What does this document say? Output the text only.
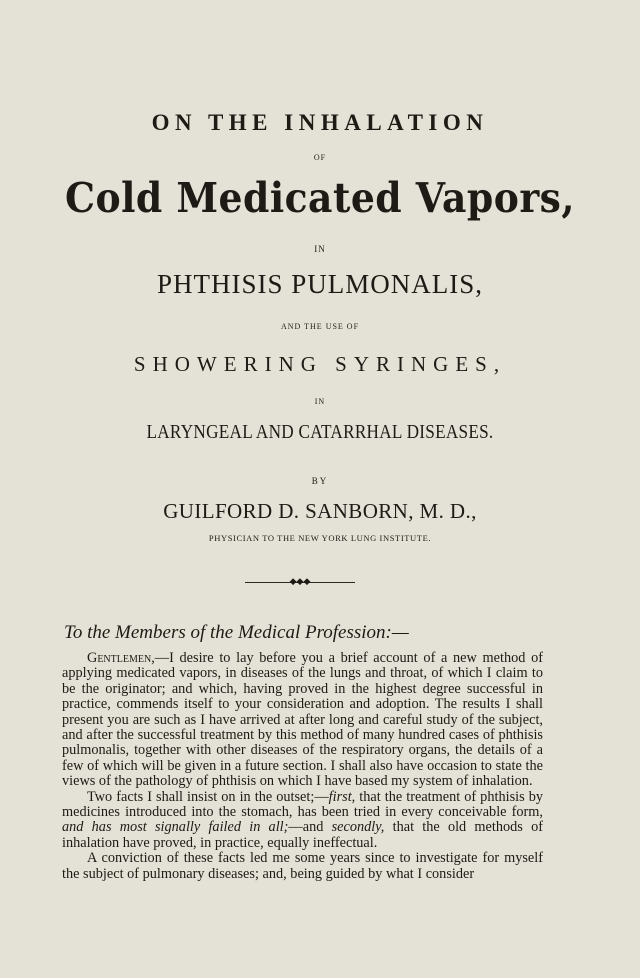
ON THE INHALATION
OF
Cold Medicated Vapors,
IN
PHTHISIS PULMONALIS,
AND THE USE OF
SHOWERING SYRINGES,
IN
LARYNGEAL AND CATARRHAL DISEASES.
BY
GUILFORD D. SANBORN, M. D.,
PHYSICIAN TO THE NEW YORK LUNG INSTITUTE.
◆◆◆
To the Members of the Medical Profession:—

Gentlemen,—I desire to lay before you a brief account of a new method of applying medicated vapors, in diseases of the lungs and throat, of which I claim to be the originator; and which, having proved in the highest degree successful in practice, commends itself to your consideration and adoption. The results I shall present you are such as I have arrived at after long and careful study of the subject, and after the successful treatment by this method of many hundred cases of phthisis pulmonalis, together with other diseases of the respiratory organs, the details of a few of which will be given in a future section. I shall also have occasion to state the views of the pathology of phthisis on which I have based my system of inhalation.

Two facts I shall insist on in the outset;—first, that the treatment of phthisis by medicines introduced into the stomach, has been tried in every conceivable form, and has most signally failed in all;—and secondly, that the old methods of inhalation have proved, in practice, equally ineffectual.

A conviction of these facts led me some years since to investigate for myself the subject of pulmonary diseases; and, being guided by what I consider
